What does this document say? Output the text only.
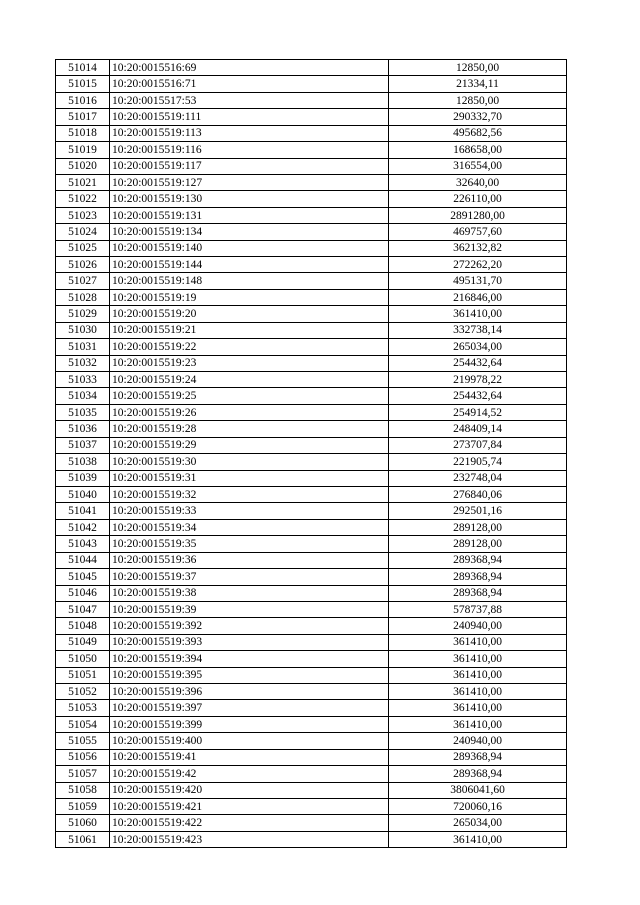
51014	10:20:0015516:69	12850,00
51015	10:20:0015516:71	21334,11
51016	10:20:0015517:53	12850,00
51017	10:20:0015519:111	290332,70
51018	10:20:0015519:113	495682,56
51019	10:20:0015519:116	168658,00
51020	10:20:0015519:117	316554,00
51021	10:20:0015519:127	32640,00
51022	10:20:0015519:130	226110,00
51023	10:20:0015519:131	2891280,00
51024	10:20:0015519:134	469757,60
51025	10:20:0015519:140	362132,82
51026	10:20:0015519:144	272262,20
51027	10:20:0015519:148	495131,70
51028	10:20:0015519:19	216846,00
51029	10:20:0015519:20	361410,00
51030	10:20:0015519:21	332738,14
51031	10:20:0015519:22	265034,00
51032	10:20:0015519:23	254432,64
51033	10:20:0015519:24	219978,22
51034	10:20:0015519:25	254432,64
51035	10:20:0015519:26	254914,52
51036	10:20:0015519:28	248409,14
51037	10:20:0015519:29	273707,84
51038	10:20:0015519:30	221905,74
51039	10:20:0015519:31	232748,04
51040	10:20:0015519:32	276840,06
51041	10:20:0015519:33	292501,16
51042	10:20:0015519:34	289128,00
51043	10:20:0015519:35	289128,00
51044	10:20:0015519:36	289368,94
51045	10:20:0015519:37	289368,94
51046	10:20:0015519:38	289368,94
51047	10:20:0015519:39	578737,88
51048	10:20:0015519:392	240940,00
51049	10:20:0015519:393	361410,00
51050	10:20:0015519:394	361410,00
51051	10:20:0015519:395	361410,00
51052	10:20:0015519:396	361410,00
51053	10:20:0015519:397	361410,00
51054	10:20:0015519:399	361410,00
51055	10:20:0015519:400	240940,00
51056	10:20:0015519:41	289368,94
51057	10:20:0015519:42	289368,94
51058	10:20:0015519:420	3806041,60
51059	10:20:0015519:421	720060,16
51060	10:20:0015519:422	265034,00
51061	10:20:0015519:423	361410,00
